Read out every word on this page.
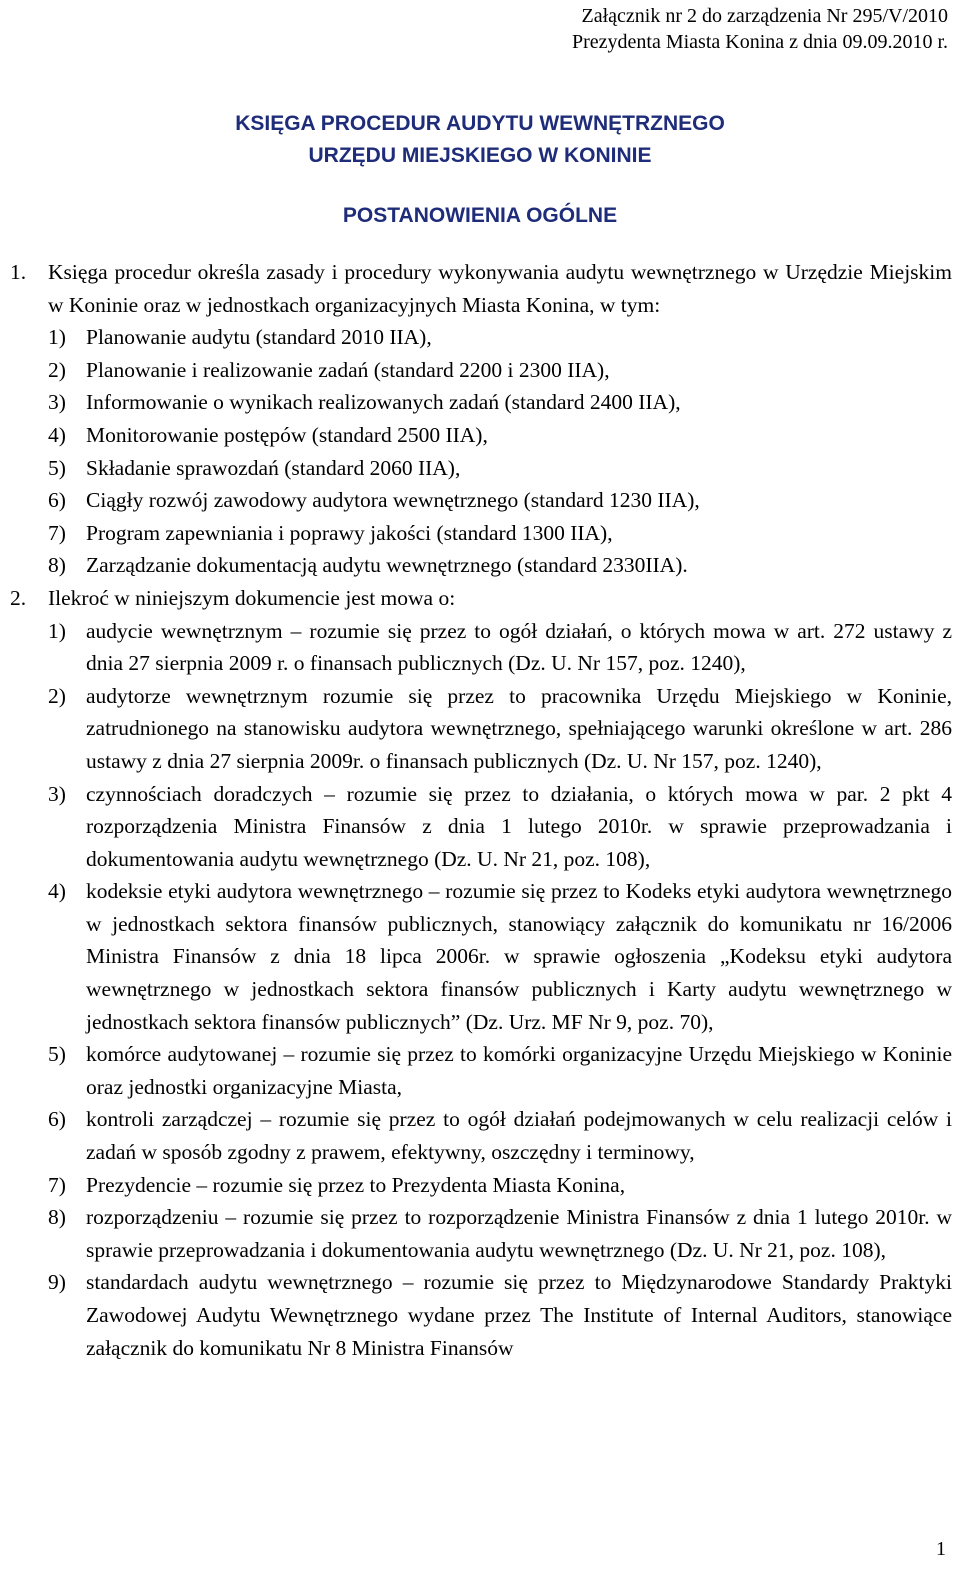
Załącznik nr 2 do zarządzenia Nr 295/V/2010
Prezydenta Miasta Konina z dnia 09.09.2010 r.
KSIĘGA PROCEDUR AUDYTU WEWNĘTRZNEGO
URZĘDU MIEJSKIEGO W KONINIE
POSTANOWIENIA OGÓLNE
1.	Księga procedur określa zasady i procedury wykonywania audytu wewnętrznego w Urzędzie Miejskim w Koninie oraz w jednostkach organizacyjnych Miasta Konina, w tym:
1) Planowanie audytu (standard 2010 IIA),
2) Planowanie i realizowanie zadań (standard 2200 i 2300 IIA),
3) Informowanie o wynikach realizowanych zadań (standard 2400 IIA),
4) Monitorowanie postępów (standard 2500 IIA),
5) Składanie sprawozdań (standard 2060 IIA),
6) Ciągły rozwój zawodowy audytora wewnętrznego (standard 1230 IIA),
7) Program zapewniania i poprawy jakości (standard 1300 IIA),
8) Zarządzanie dokumentacją audytu wewnętrznego (standard 2330IIA).
2.	Ilekroć w niniejszym dokumencie jest mowa o:
1) audycie wewnętrznym – rozumie się przez to ogół działań, o których mowa w art. 272 ustawy z dnia 27 sierpnia 2009 r. o finansach publicznych (Dz. U. Nr 157, poz. 1240),
2) audytorze wewnętrznym rozumie się przez to pracownika Urzędu Miejskiego w Koninie, zatrudnionego na stanowisku audytora wewnętrznego, spełniającego warunki określone w art. 286 ustawy z dnia 27 sierpnia 2009r. o finansach publicznych (Dz. U. Nr 157, poz. 1240),
3) czynnościach doradczych – rozumie się przez to działania, o których mowa w par. 2 pkt 4 rozporządzenia Ministra Finansów z dnia 1 lutego 2010r. w sprawie przeprowadzania i dokumentowania audytu wewnętrznego (Dz. U. Nr 21, poz. 108),
4) kodeksie etyki audytora wewnętrznego – rozumie się przez to Kodeks etyki audytora wewnętrznego w jednostkach sektora finansów publicznych, stanowiący załącznik do komunikatu nr 16/2006 Ministra Finansów z dnia 18 lipca 2006r. w sprawie ogłoszenia „Kodeksu etyki audytora wewnętrznego w jednostkach sektora finansów publicznych i Karty audytu wewnętrznego w jednostkach sektora finansów publicznych” (Dz. Urz. MF Nr 9, poz. 70),
5) komórce audytowanej – rozumie się przez to komórki organizacyjne Urzędu Miejskiego w Koninie oraz jednostki organizacyjne Miasta,
6) kontroli zarządczej – rozumie się przez to ogół działań podejmowanych w celu realizacji celów i zadań w sposób zgodny z prawem, efektywny, oszczędny i terminowy,
7) Prezydencie – rozumie się przez to Prezydenta Miasta Konina,
8) rozporządzeniu – rozumie się przez to rozporządzenie Ministra Finansów z dnia 1 lutego 2010r. w sprawie przeprowadzania i dokumentowania audytu wewnętrznego (Dz. U. Nr 21, poz. 108),
9) standardach audytu wewnętrznego – rozumie się przez to Międzynarodowe Standardy Praktyki Zawodowej Audytu Wewnętrznego wydane przez The Institute of Internal Auditors, stanowiące załącznik do komunikatu Nr 8 Ministra Finansów
1
